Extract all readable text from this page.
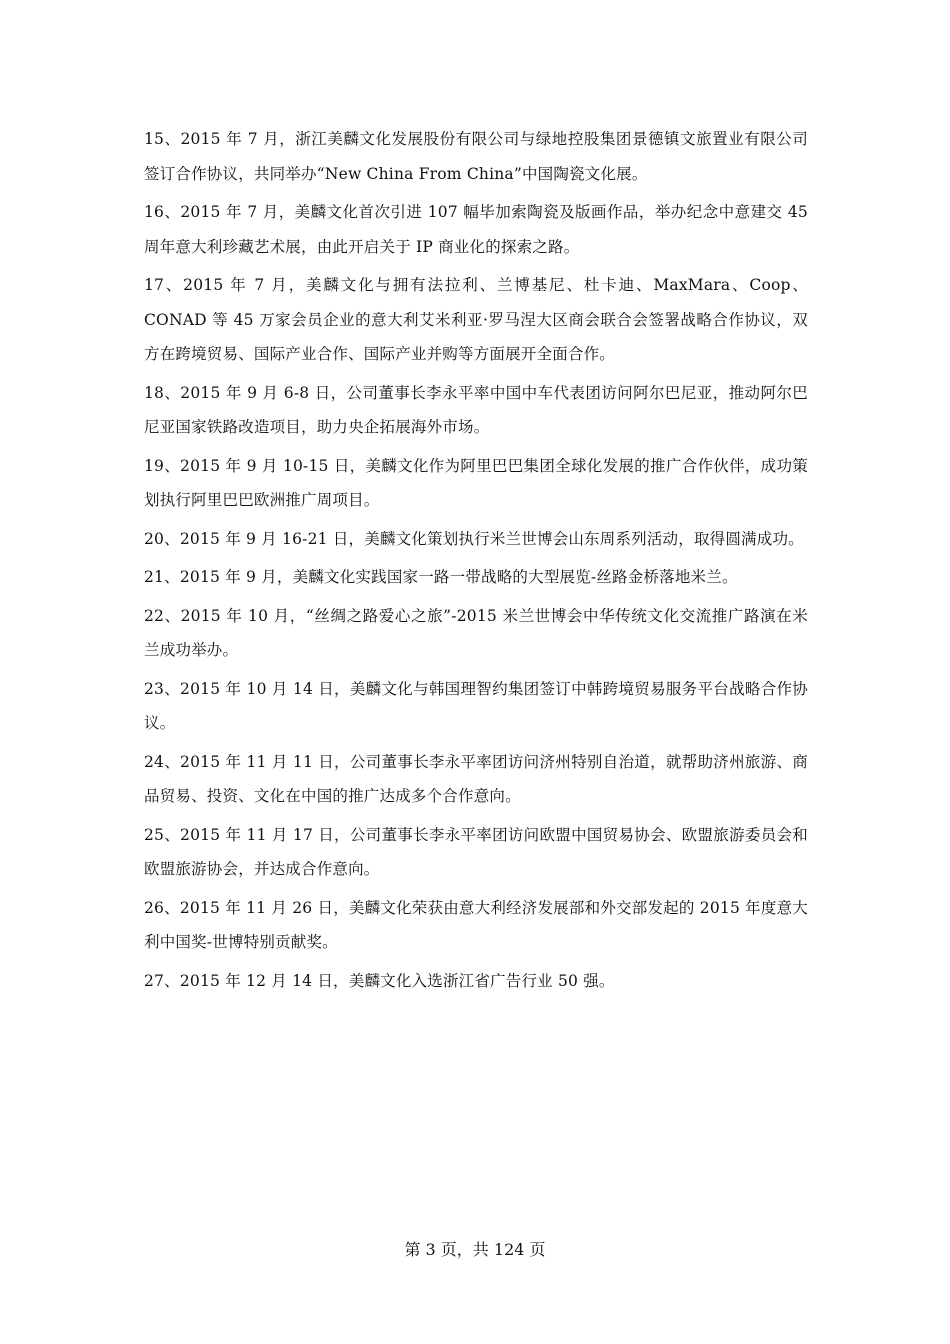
15、2015 年 7 月，浙江美麟文化发展股份有限公司与绿地控股集团景德镇文旅置业有限公司签订合作协议，共同举办“New China From China”中国陶瓷文化展。

16、2015 年 7 月，美麟文化首次引进 107 幅毕加索陶瓷及版画作品，举办纪念中意建交 45 周年意大利珍藏艺术展，由此开启关于 IP 商业化的探索之路。

17、2015 年 7 月，美麟文化与拥有法拉利、兰博基尼、杜卡迪、MaxMara、Coop、CONAD 等 45 万家会员企业的意大利艾米利亚·罗马涅大区商会联合会签署战略合作协议，双方在跨境贸易、国际产业合作、国际产业并购等方面展开全面合作。

18、2015 年 9 月 6-8 日，公司董事长李永平率中国中车代表团访问阿尔巴尼亚，推动阿尔巴尼亚国家铁路改造项目，助力央企拓展海外市场。

19、2015 年 9 月 10-15 日，美麟文化作为阿里巴巴集团全球化发展的推广合作伙伴，成功策划执行阿里巴巴欧洲推广周项目。

20、2015 年 9 月 16-21 日，美麟文化策划执行米兰世博会山东周系列活动，取得圆满成功。

21、2015 年 9 月，美麟文化实践国家一路一带战略的大型展览-丝路金桥落地米兰。

22、2015 年 10 月，“丝绸之路爱心之旅”-2015 米兰世博会中华传统文化交流推广路演在米兰成功举办。

23、2015 年 10 月 14 日，美麟文化与韩国理智约集团签订中韩跨境贸易服务平台战略合作协议。

24、2015 年 11 月 11 日，公司董事长李永平率团访问济州特别自治道，就帮助济州旅游、商品贸易、投资、文化在中国的推广达成多个合作意向。

25、2015 年 11 月 17 日，公司董事长李永平率团访问欧盟中国贸易协会、欧盟旅游委员会和欧盟旅游协会，并达成合作意向。

26、2015 年 11 月 26 日，美麟文化荣获由意大利经济发展部和外交部发起的 2015 年度意大利中国奖-世博特别贡献奖。

27、2015 年 12 月 14 日，美麟文化入选浙江省广告行业 50 强。

第 3 页，共 124 页
